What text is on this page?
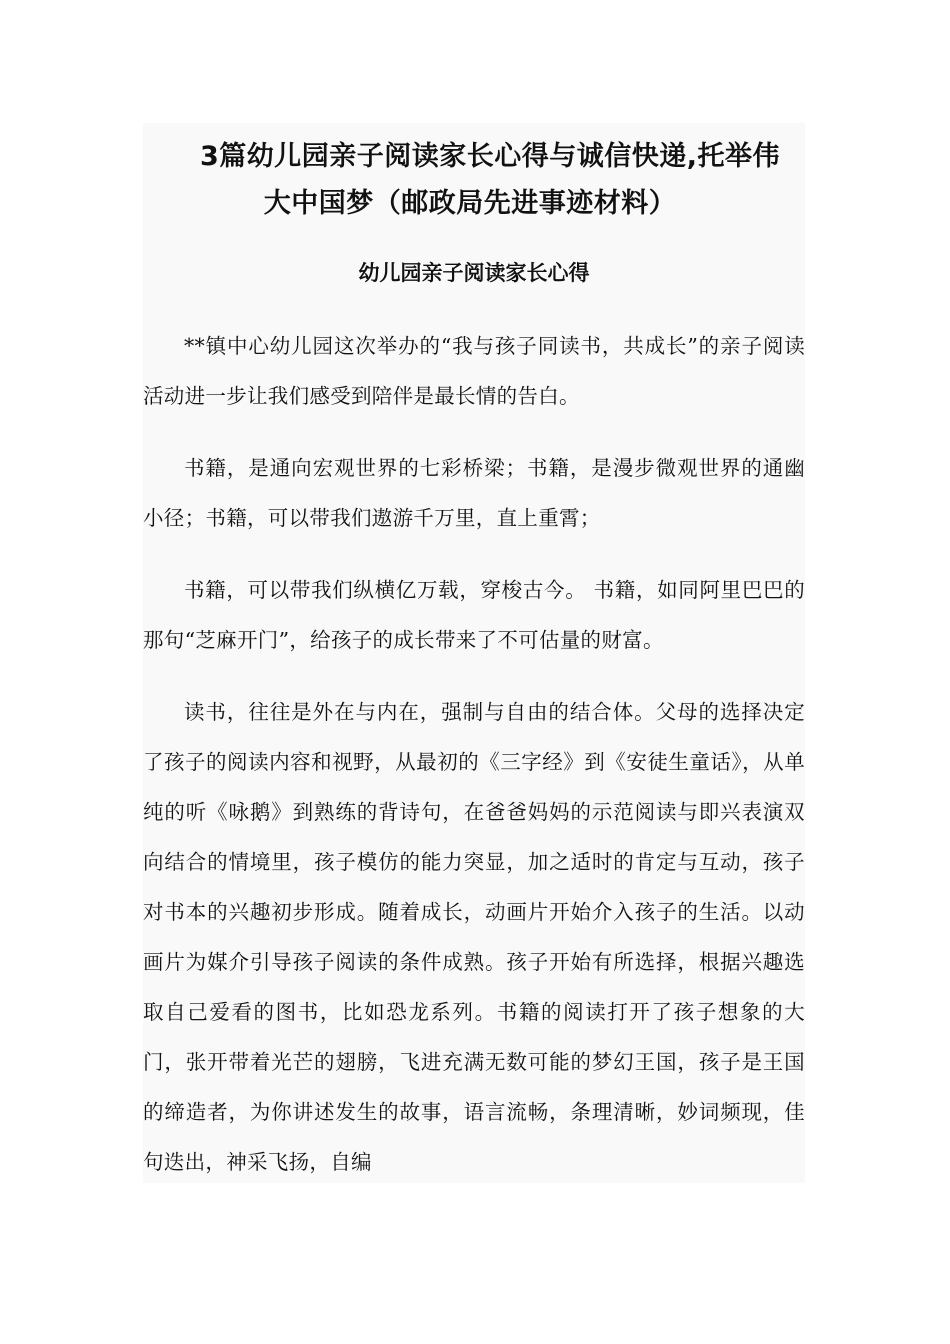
3篇幼儿园亲子阅读家长心得与诚信快递,托举伟
大中国梦（邮政局先进事迹材料）
幼儿园亲子阅读家长心得

**镇中心幼儿园这次举办的“我与孩子同读书，共成长”的亲子阅读活动进一步让我们感受到陪伴是最长情的告白。

书籍，是通向宏观世界的七彩桥梁；书籍，是漫步微观世界的通幽小径；书籍，可以带我们遨游千万里，直上重霄；

书籍，可以带我们纵横亿万载，穿梭古今。 书籍，如同阿里巴巴的那句“芝麻开门”，给孩子的成长带来了不可估量的财富。

读书，往往是外在与内在，强制与自由的结合体。父母的选择决定了孩子的阅读内容和视野，从最初的《三字经》到《安徒生童话》，从单纯的听《咏鹅》到熟练的背诗句，在爸爸妈妈的示范阅读与即兴表演双向结合的情境里，孩子模仿的能力突显，加之适时的肯定与互动，孩子对书本的兴趣初步形成。随着成长，动画片开始介入孩子的生活。以动画片为媒介引导孩子阅读的条件成熟。孩子开始有所选择，根据兴趣选取自己爱看的图书，比如恐龙系列。书籍的阅读打开了孩子想象的大门，张开带着光芒的翅膀，飞进充满无数可能的梦幻王国，孩子是王国的缔造者，为你讲述发生的故事，语言流畅，条理清晰，妙词频现，佳句迭出，神采飞扬，自编
